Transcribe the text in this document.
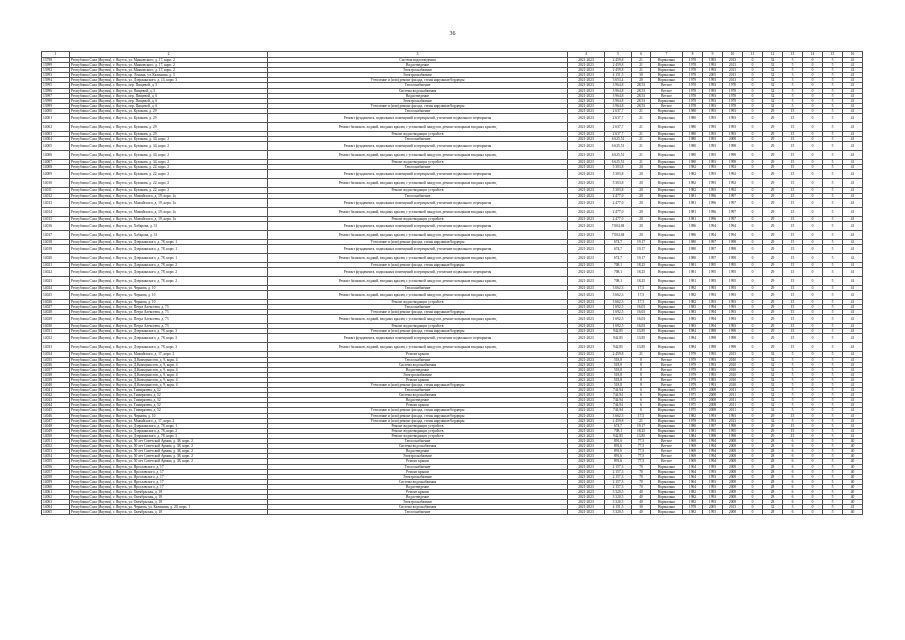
36
1	2	3	4	5	6	7	8	9	10	11	12	13	14	15	16
13798	Республика Саха (Якутия), г. Якутск, ул. Маяковского, д. 17, корп. 2	Система водоотведения	2021-2023	2 459,8	21	Нормально	1978	1993	2013	0	32	5	0	5	41
13999	Республика Саха (Якутия), г. Якутск, ул. Маяковского, д. 17, корп. 2	Водоотведение	2021-2023	2 459,8	21	Нормально	1978	1993	2013	0	32	5	0	5	41
13992	Республика Саха (Якутия), г. Якутск, ул. Маяковского, д. 17, корп. 2	Электроснабжение	2021-2023	2 459,8	21	Нормально	1978	1993	2013	0	32	5	0	5	41
13993	Республика Саха (Якутия), г. Якутск, пр. Ленина, ул. Калинина, д. 3	Электроснабжение	2021-2023	4 151,5	30	Нормально	1978	2005	2013	0	32	3	0	5	41
13994	Республика Саха (Якутия), г. Якутск, ул. Дзержинского, д. 13, корп. 3	Утепление и (или) ремонт фасада, стены наружные/бордюры	2021-2023	3 653,4	20	Нормально	1979	1993	2013	0	32	3	0	5	41
13995	Республика Саха (Якутия), г. Якутск, пер. Пищевой, д. 5	Теплоснабжение	2021-2023	3 964,8	28,53	Ветхое	1978	1993	1978	0	32	5	0	5	41
13996	Республика Саха (Якутия), г. Якутск, ул. Пищевой, д. 5	Система водоснабжения	2021-2023	3 964,8	28,53	Ветхое	1978	1993	1978	0	32	5	0	5	41
13997	Республика Саха (Якутия), г. Якутск, пер. Пищевой, д. 6	Водоотведение	2021-2023	3 964,8	28,53	Ветхое	1978	1993	1978	0	32	5	0	5	41
13998	Республика Саха (Якутия), г. Якутск, пер. Пищевой, д. 6	Электроснабжение	2021-2023	3 964,8	28,53	Нормально	1978	1993	1978	0	32	5	0	5	41
13999	Республика Саха (Якутия), г. Якутск, пер. Пищевой, д. 6	Утепление и (или) ремонт фасада, стены наружные/бордюры	2021-2023	3 964,8	28,53	Ветхое	1978	1993	1978	0	32	5	0	5	41
14000	Республика Саха (Якутия), г. Якутск, ул. Кулакова, д. 29	Теплоснабжение	2021-2023	2 637,7	21	Нормально	1980	1993	1993	0	29	15	0	5	41
14001	Республика Саха (Якутия), г. Якутск, ул. Кулакова, д. 29	Ремонт фундамента, подвальных помещений и перекрытий, утепление подвального перекрытия	2021-2023	2 637,7	21	Нормально	1980	1993	1993	0	29	15	0	5	41
14002	Республика Саха (Якутия), г. Якутск, ул. Кулакова, д. 29	Ремонт балконов, лоджий, входных крылец с установкой пандусов, ремонт козырьков входных крылец	2021-2023	2 637,7	21	Нормально	1980	1993	1993	0	29	15	0	5	41
14003	Республика Саха (Якутия), г. Якутск, ул. Кулакова, д. 29	Ремонт водоотводящих устройств	2021-2023	2 637,7	21	Нормально	1980	1993	1993	0	29	15	0	5	41
14004	Республика Саха (Якутия), г. Якутск, ул. Кулакова, д. 34, корп. 2	Теплоснабжение	2021-2023	6 625,51	21	Нормально	1980	1993	2008	0	29	15	0	5	41
14005	Республика Саха (Якутия), г. Якутск, ул. Кулакова, д. 34, корп. 2	Ремонт фундамента, подвальных помещений и перекрытий, утепление подвального перекрытия	2021-2023	6 625,51	21	Нормально	1980	1993	1998	0	29	15	0	5	41
14006	Республика Саха (Якутия), г. Якутск, ул. Кулакова, д. 34, корп. 2	Ремонт балконов, лоджий, входных крылец с установкой пандусов, ремонт козырьков входных крылец	2021-2023	6 625,51	21	Нормально	1980	1993	1998	0	29	15	0	5	41
14007	Республика Саха (Якутия), г. Якутск, ул. Кулакова, д. 34, корп. 2	Ремонт водоотводящих устройств	2021-2023	6 625,51	21	Нормально	1980	1993	1998	0	29	15	0	5	41
14008	Республика Саха (Якутия), г. Якутск, ул. Кулакова, д. 22, корп. 2	Теплоснабжение	2021-2023	5 303,8	20	Нормально	1982	1993	1992	0	29	15	0	5	41
14009	Республика Саха (Якутия), г. Якутск, ул. Кулакова, д. 22, корп. 2	Ремонт фундамента, подвальных помещений и перекрытий, утепление подвального перекрытия	2021-2023	5 303,8	20	Нормально	1982	1993	1992	0	29	15	0	5	41
14010	Республика Саха (Якутия), г. Якутск, ул. Кулакова, д. 22, корп. 2	Ремонт балконов, лоджий, входных крылец с установкой пандусов, ремонт козырьков входных крылец	2021-2023	5 303,8	20	Нормально	1982	1993	1992	0	29	15	0	5	41
14011	Республика Саха (Якутия), г. Якутск, ул. Кулакова, д. 22, корп. 2	Ремонт водоотводящих устройств	2021-2023	5 303,8	20	Нормально	1982	1993	1992	0	29	15	0	5	41
14012	Республика Саха (Якутия), г. Якутск, ул. Можайского, д. 19, корп. 1а	Теплоснабжение	2021-2023	2 477,0	20	Нормально	1981	1996	1997	0	29	15	0	5	41
14013	Республика Саха (Якутия), г. Якутск, ул. Можайского, д. 19, корп. 1а	Ремонт фундамента, подвальных помещений и перекрытий, утепление подвального перекрытия	2021-2023	2 477,0	20	Нормально	1981	1996	1997	0	29	15	0	5	41
14014	Республика Саха (Якутия), г. Якутск, ул. Можайского, д. 19, корп. 1а	Ремонт балконов, лоджий, входных крылец с установкой пандусов, ремонт козырьков входных крылец	2021-2023	2 477,0	20	Нормально	1981	1996	1997	0	29	15	0	5	41
14015	Республика Саха (Якутия), г. Якутск, ул. Можайского, д. 19, корп. 1а	Ремонт водоотводящих устройств	2021-2023	2 477,0	20	Нормально	1981	1996	1997	0	29	15	0	5	41
14016	Республика Саха (Якутия), г. Якутск, ул. Хабарова, д. 31	Ремонт фундамента, подвальных помещений и перекрытий, утепление подвального перекрытия	2021-2023	7 004,84	20	Нормально	1986	1994	1994	0	29	15	0	5	41
14017	Республика Саха (Якутия), г. Якутск, ул. Хабарова, д. 31	Ремонт балконов, лоджий, входных крылец с установкой пандусов, ремонт козырьков входных крылец	2021-2023	7 004,84	20	Нормально	1986	1994	1994	0	29	15	0	5	41
14018	Республика Саха (Якутия), г. Якутск, ул. Дзержинского, д. 78, корп. 1	Утепление и (или) ремонт фасада, стены наружные/бордюры	2021-2023	674,7	19,17	Нормально	1980	1997	1998	0	29	15	0	5	41
14019	Республика Саха (Якутия), г. Якутск, ул. Дзержинского, д. 78, корп. 1	Ремонт фундамента, подвальных помещений и перекрытий, утепление подвального перекрытия	2021-2023	674,7	19,17	Нормально	1980	1997	1998	0	29	15	0	5	41
14020	Республика Саха (Якутия), г. Якутск, ул. Дзержинского, д. 78, корп. 1	Ремонт балконов, лоджий, входных крылец с установкой пандусов, ремонт козырьков входных крылец	2021-2023	674,7	19,17	Нормально	1980	1997	1998	0	29	15	0	5	41
14021	Республика Саха (Якутия), г. Якутск, ул. Дзержинского, д. 78, корп. 2	Утепление и (или) ремонт фасада, стены наружные/бордюры	2021-2023	708,1	18,25	Нормально	1981	1995	1995	0	29	15	0	5	41
14022	Республика Саха (Якутия), г. Якутск, ул. Дзержинского, д. 78, корп. 2	Ремонт фундамента, подвальных помещений и перекрытий, утепление подвального перекрытия	2021-2023	708,1	18,25	Нормально	1981	1995	1995	0	29	15	0	5	41
14023	Республика Саха (Якутия), г. Якутск, ул. Дзержинского, д. 78, корп. 2	Ремонт балконов, лоджий, входных крылец с установкой пандусов, ремонт козырьков входных крылец	2021-2023	708,1	18,25	Нормально	1981	1995	1995	0	29	15	0	5	41
14024	Республика Саха (Якутия), г. Якутск, ул. Чернова, д. 10	Теплоснабжение	2021-2023	3 662,3	17,5	Нормально	1982	1993	1993	0	29	15	0	5	41
14025	Республика Саха (Якутия), г. Якутск, ул. Чернова, д. 10	Ремонт балконов, лоджий, входных крылец с установкой пандусов, ремонт козырьков входных крылец	2021-2023	3 662,3	17,5	Нормально	1982	1993	1993	0	29	15	0	5	41
14026	Республика Саха (Якутия), г. Якутск, ул. Чернова, д. 10	Ремонт водоотводящих устройств	2021-2023	3 662,3	17,5	Нормально	1982	1993	1993	0	29	15	0	5	41
14027	Республика Саха (Якутия), г. Якутск, ул. Петра Алексеева, д. 73	Теплоснабжение	2021-2023	1 692,5	16,03	Нормально	1983	1994	1993	0	29	15	0	5	41
14028	Республика Саха (Якутия), г. Якутск, ул. Петра Алексеева, д. 73	Утепление и (или) ремонт фасада, стены наружные/бордюры	2021-2023	1 692,5	16,03	Нормально	1983	1994	1993	0	29	15	0	5	41
14029	Республика Саха (Якутия), г. Якутск, ул. Петра Алексеева, д. 73	Ремонт балконов, лоджий, входных крылец с установкой пандусов, ремонт козырьков входных крылец	2021-2023	1 692,5	16,03	Нормально	1983	1994	1993	0	29	15	0	5	41
14030	Республика Саха (Якутия), г. Якутск, ул. Петра Алексеева, д. 73	Ремонт водоотводящих устройств	2021-2023	1 692,5	16,03	Нормально	1983	1994	1993	0	29	15	0	5	41
14031	Республика Саха (Якутия), г. Якутск, ул. Дзержинского, д. 78, корп. 3	Утепление и (или) ремонт фасада, стены наружные/бордюры	2021-2023	942,85	13,85	Нормально	1984	1998	1998	0	29	15	0	5	41
14032	Республика Саха (Якутия), г. Якутск, ул. Дзержинского, д. 78, корп. 3	Ремонт фундамента, подвальных помещений и перекрытий, утепление подвального перекрытия	2021-2023	942,85	13,85	Нормально	1984	1998	1998	0	29	15	0	5	41
14033	Республика Саха (Якутия), г. Якутск, ул. Дзержинского, д. 78, корп. 3	Ремонт балконов, лоджий, входных крылец с установкой пандусов, ремонт козырьков входных крылец	2021-2023	942,85	13,85	Нормально	1984	1998	1998	0	29	15	0	5	41
14034	Республика Саха (Якутия), г. Якутск, ул. Можайского, д. 17, корп. 2	Ремонт крыши	2021-2023	2 459,8	21	Нормально	1978	1993	2013	0	32	5	0	5	41
14035	Республика Саха (Якутия), г. Якутск, ул. Д.Коммунистов, д. 9, корп. 4	Теплоснабжение	2021-2023	518,8	8	Ветхое	1979	1993	2010	0	32	5	0	5	41
14036	Республика Саха (Якутия), г. Якутск, ул. Д.Коммунистов, д. 9, корп. 4	Система водоснабжения	2021-2023	518,8	8	Ветхое	1979	1993	2010	0	32	5	0	5	41
14037	Республика Саха (Якутия), г. Якутск, ул. Д.Коммунистов, д. 9, корп. 4	Водоотведение	2021-2023	518,8	8	Ветхое	1979	1993	2010	0	32	5	0	5	41
14038	Республика Саха (Якутия), г. Якутск, ул. Д.Коммунистов, д. 9, корп. 4	Электроснабжение	2021-2023	518,8	8	Ветхое	1979	1993	2010	0	32	5	0	5	41
14039	Республика Саха (Якутия), г. Якутск, ул. Д.Коммунистов, д. 9, корп. 4	Ремонт крыши	2021-2023	518,8	8	Ветхое	1979	1993	2010	0	32	5	0	5	41
14040	Республика Саха (Якутия), г. Якутск, ул. Д.Коммунистов, д. 9, корп. 4	Утепление и (или) ремонт фасада, стены наружные/бордюры	2021-2023	518,8	8	Ветхое	1979	1993	2010	0	32	5	0	5	41
14041	Республика Саха (Якутия), г. Якутск, ул. Тимирязева, д. 52	Теплоснабжение	2021-2023	744,94	6	Нормально	1975	2008	2011	0	32	5	0	5	41
14042	Республика Саха (Якутия), г. Якутск, ул. Тимирязева, д. 52	Система водоснабжения	2021-2023	744,94	6	Нормально	1975	2008	2011	0	32	5	0	5	41
14043	Республика Саха (Якутия), г. Якутск, ул. Тимирязева, д. 52	Водоотведение	2021-2023	744,94	6	Нормально	1975	2008	2011	0	32	5	0	5	41
14044	Республика Саха (Якутия), г. Якутск, ул. Тимирязева, д. 52	Ремонт крыши	2021-2023	744,94	6	Нормально	1975	2008	2011	0	32	5	0	5	41
14045	Республика Саха (Якутия), г. Якутск, ул. Тимирязева, д. 52	Утепление и (или) ремонт фасада, стены наружные/бордюры	2021-2023	744,94	6	Нормально	1975	2008	2011	0	32	5	0	5	41
14046	Республика Саха (Якутия), г. Якутск, ул. Чернова, д. 10	Утепление и (или) ремонт фасада, стены наружные/бордюры	2021-2023	3 662,3	17,5	Нормально	1982	1993	1993	0	29	15	0	5	41
14047	Республика Саха (Якутия), г. Якутск, ул. Можайского, д. 17, корп. 2	Утепление и (или) ремонт фасада, стены наружные/бордюры	2021-2023	2 459,8	21	Нормально	1978	1993	2013	0	32	5	0	5	41
14048	Республика Саха (Якутия), г. Якутск, ул. Дзержинского, д. 78, корп. 1	Ремонт водоотводящих устройств	2021-2023	674,7	19,17	Нормально	1980	1997	1998	0	29	15	0	5	41
14049	Республика Саха (Якутия), г. Якутск, ул. Дзержинского, д. 78, корп. 2	Ремонт водоотводящих устройств	2021-2023	708,1	18,25	Нормально	1981	1995	1995	0	29	15	0	5	41
14050	Республика Саха (Якутия), г. Якутск, ул. Дзержинского, д. 78, корп. 3	Ремонт водоотводящих устройств	2021-2023	942,85	13,85	Нормально	1984	1998	1998	0	29	15	0	5	41
14051	Республика Саха (Якутия), г. Якутск, ул. 50 лет Советской Армии, д. 38, корп. 2	Теплоснабжение	2021-2023	891,6	77,5	Ветхое	1969	1994	2008	0	28	6	0	5	40
14052	Республика Саха (Якутия), г. Якутск, ул. 50 лет Советской Армии, д. 38, корп. 2	Система водоснабжения	2021-2023	891,6	77,5	Ветхое	1969	1994	2008	0	28	6	0	5	40
14053	Республика Саха (Якутия), г. Якутск, ул. 50 лет Советской Армии, д. 38, корп. 2	Водоотведение	2021-2023	891,6	77,5	Ветхое	1969	1994	2008	0	28	6	0	5	40
14054	Республика Саха (Якутия), г. Якутск, ул. 50 лет Советской Армии, д. 38, корп. 2	Электроснабжение	2021-2023	891,6	77,5	Ветхое	1969	1994	2008	0	28	6	0	5	40
14055	Республика Саха (Якутия), г. Якутск, ул. 50 лет Советской Армии, д. 38, корп. 2	Ремонт крыши	2021-2023	891,6	77,5	Ветхое	1969	1994	2008	0	28	6	0	5	40
14056	Республика Саха (Якутия), г. Якутск, ул. Ярославского, д. 17	Теплоснабжение	2021-2023	2 157,3	70	Нормально	1964	1993	2008	0	28	6	0	5	40
14057	Республика Саха (Якутия), г. Якутск, ул. Ярославского, д. 17	Ремонт крыши	2021-2023	2 157,3	70	Нормально	1964	1993	2008	0	28	6	0	5	40
14058	Республика Саха (Якутия), г. Якутск, ул. Ярославского, д. 17	Электроснабжение	2021-2023	2 157,3	70	Нормально	1964	1993	2008	0	28	6	0	5	40
14059	Республика Саха (Якутия), г. Якутск, ул. Ярославского, д. 17	Система водоснабжения	2021-2023	2 157,3	70	Нормально	1964	1993	2008	0	28	6	0	5	40
14060	Республика Саха (Якутия), г. Якутск, ул. Ярославского, д. 17	Водоотведение	2021-2023	2 157,3	70	Нормально	1964	1993	2008	0	28	6	0	5	40
14061	Республика Саха (Якутия), г. Якутск, ул. Октябрьская, д. 18	Ремонт крыши	2021-2023	3 320,5	40	Нормально	1982	1993	2008	0	28	6	0	5	40
14062	Республика Саха (Якутия), г. Якутск, ул. Октябрьская, д. 18	Водоотведение	2021-2023	3 320,5	40	Нормально	1982	1993	2008	0	28	6	0	5	40
14063	Республика Саха (Якутия), г. Якутск, ул. Октябрьская, д. 18	Электроснабжение	2021-2023	3 320,5	40	Нормально	1982	1993	2008	0	28	6	0	5	40
14064	Республика Саха (Якутия), г. Якутск, ул. Чернова, ул. Калинина, д. 20, корп. 1	Система водоснабжения	2021-2023	4 151,5	30	Нормально	1978	2005	2013	0	32	3	0	5	41
14065	Республика Саха (Якутия), г. Якутск, ул. Октябрьская, д. 18	Теплоснабжение	2021-2023	3 320,5	40	Нормально	1982	1993	2008	0	28	6	0	5	40
